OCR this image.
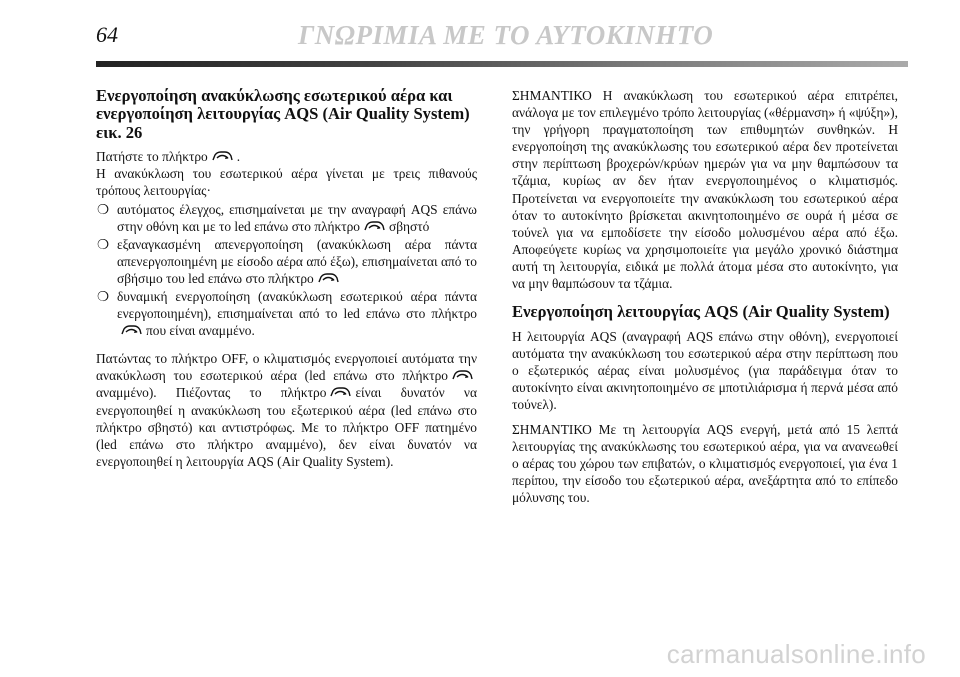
64	ΓΝΩΡΙΜΙΑ ΜΕ ΤΟ ΑΥΤΟΚΙΝΗΤΟ
Ενεργοποίηση ανακύκλωσης εσωτερικού αέρα και ενεργοποίηση λειτουργίας AQS (Air Quality System) εικ. 26

Πατήστε το πλήκτρο .
Η ανακύκλωση του εσωτερικού αέρα γίνεται με τρεις πιθανούς τρόπους λειτουργίας·

❍ αυτόματος έλεγχος, επισημαίνεται με την αναγραφή AQS επάνω στην οθόνη και με το led επάνω στο πλήκτρο σβηστό
❍ εξαναγκασμένη απενεργοποίηση (ανακύκλωση αέρα πάντα απενεργοποιημένη με είσοδο αέρα από έξω), επισημαίνεται από το σβήσιμο του led επάνω στο πλήκτρο
❍ δυναμική ενεργοποίηση (ανακύκλωση εσωτερικού αέρα πάντα ενεργοποιημένη), επισημαίνεται από το led επάνω στο πλήκτρο
που είναι αναμμένο.

Πατώντας το πλήκτρο OFF, ο κλιματισμός ενεργοποιεί αυτόματα την ανακύκλωση του εσωτερικού αέρα (led επάνω στο πλήκτρο
αναμμένο). Πιέζοντας το πλήκτρο είναι δυνατόν να ενεργοποιηθεί η ανακύκλωση του εξωτερικού αέρα (led επάνω στο πλήκτρο σβηστό) και αντιστρόφως. Με το πλήκτρο OFF πατημένο (led επάνω στο πλήκτρο αναμμένο), δεν είναι δυνατόν να ενεργοποιηθεί η λειτουργία AQS (Air Quality System).

ΣΗΜΑΝΤΙΚΟ Η ανακύκλωση του εσωτερικού αέρα επιτρέπει, ανάλογα με τον επιλεγμένο τρόπο λειτουργίας («θέρμανση» ή «ψύξη»), την γρήγορη πραγματοποίηση των επιθυμητών συνθηκών. Η ενεργοποίηση της ανακύκλωσης του εσωτερικού αέρα δεν προτείνεται στην περίπτωση βροχερών/κρύων ημερών για να μην θαμπώσουν τα τζάμια, κυρίως αν δεν ήταν ενεργοποιημένος ο κλιματισμός. Προτείνεται να ενεργοποιείτε την ανακύκλωση του εσωτερικού αέρα όταν το αυτοκίνητο βρίσκεται ακινητοποιημένο σε ουρά ή μέσα σε τούνελ για να εμποδίσετε την είσοδο μολυσμένου αέρα από έξω. Αποφεύγετε κυρίως να χρησιμοποιείτε για μεγάλο χρονικό διάστημα αυτή τη λειτουργία, ειδικά με πολλά άτομα μέσα στο αυτοκίνητο, για να μην θαμπώσουν τα τζάμια.

Ενεργοποίηση λειτουργίας AQS (Air Quality System)

Η λειτουργία AQS (αναγραφή AQS επάνω στην οθόνη), ενεργοποιεί αυτόματα την ανακύκλωση του εσωτερικού αέρα στην περίπτωση που ο εξωτερικός αέρας είναι μολυσμένος (για παράδειγμα όταν το αυτοκίνητο είναι ακινητοποιημένο σε μποτιλιάρισμα ή περνά μέσα από τούνελ).

ΣΗΜΑΝΤΙΚΟ Με τη λειτουργία AQS ενεργή, μετά από 15 λεπτά λειτουργίας της ανακύκλωσης του εσωτερικού αέρα, για να ανανεωθεί ο αέρας του χώρου των επιβατών, ο κλιματισμός ενεργοποιεί, για ένα 1 περίπου, την είσοδο του εξωτερικού αέρα, ανεξάρτητα από το επίπεδο μόλυνσης του.

carmanualsonline.info
